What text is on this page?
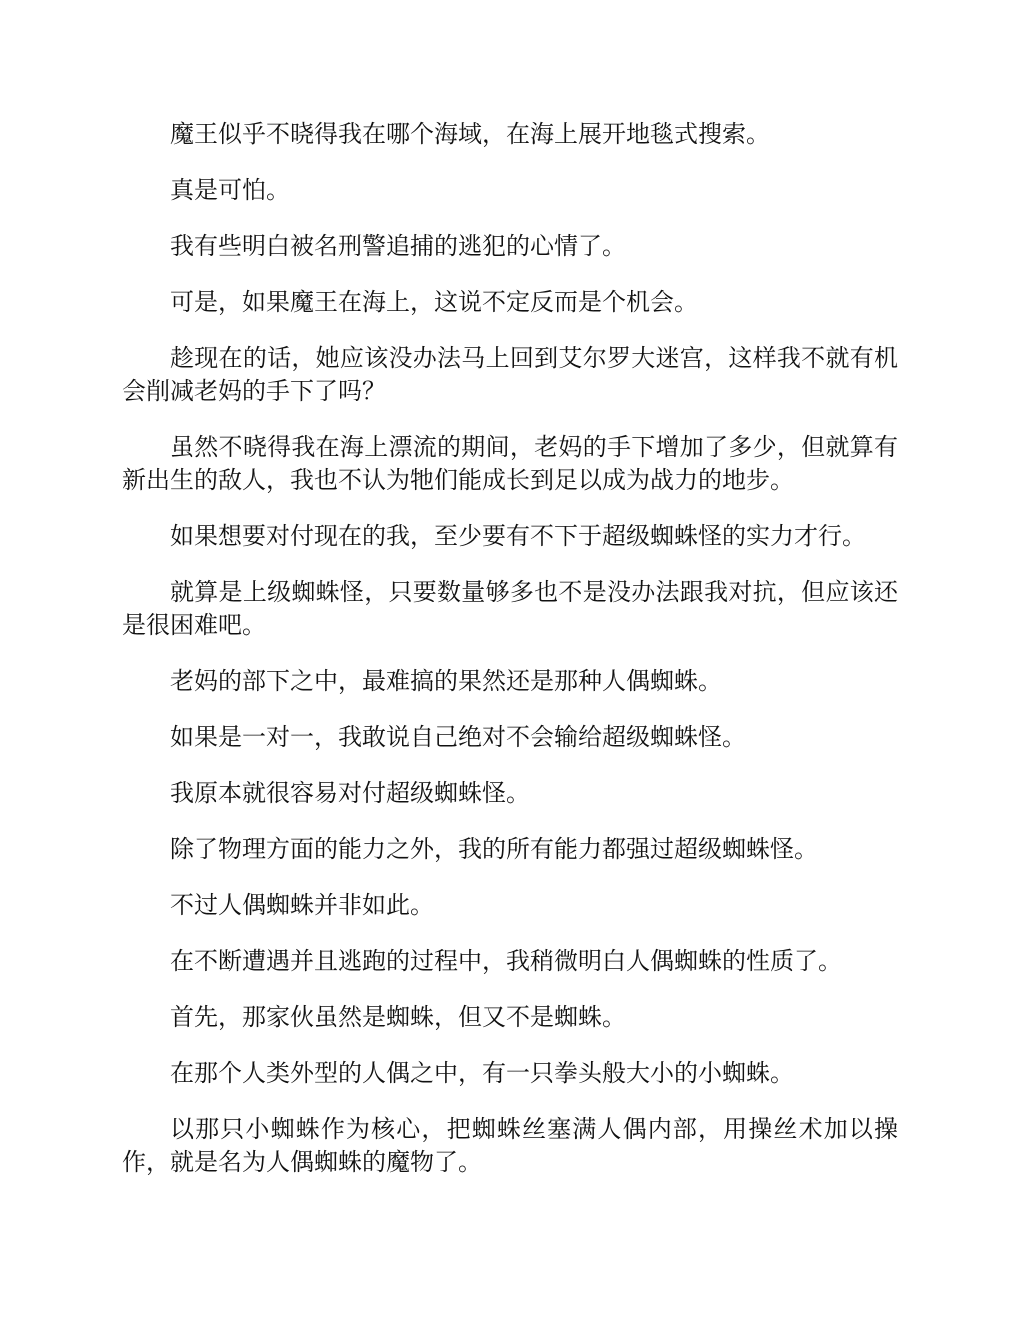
魔王似乎不晓得我在哪个海域，在海上展开地毯式搜索。

真是可怕。

我有些明白被名刑警追捕的逃犯的心情了。

可是，如果魔王在海上，这说不定反而是个机会。

趁现在的话，她应该没办法马上回到艾尔罗大迷宫，这样我不就有机会削减老妈的手下了吗？

虽然不晓得我在海上漂流的期间，老妈的手下增加了多少，但就算有新出生的敌人，我也不认为牠们能成长到足以成为战力的地步。

如果想要对付现在的我，至少要有不下于超级蜘蛛怪的实力才行。

就算是上级蜘蛛怪，只要数量够多也不是没办法跟我对抗，但应该还是很困难吧。

老妈的部下之中，最难搞的果然还是那种人偶蜘蛛。

如果是一对一，我敢说自己绝对不会输给超级蜘蛛怪。

我原本就很容易对付超级蜘蛛怪。

除了物理方面的能力之外，我的所有能力都强过超级蜘蛛怪。

不过人偶蜘蛛并非如此。

在不断遭遇并且逃跑的过程中，我稍微明白人偶蜘蛛的性质了。

首先，那家伙虽然是蜘蛛，但又不是蜘蛛。

在那个人类外型的人偶之中，有一只拳头般大小的小蜘蛛。

以那只小蜘蛛作为核心，把蜘蛛丝塞满人偶内部，用操丝术加以操作，就是名为人偶蜘蛛的魔物了。
